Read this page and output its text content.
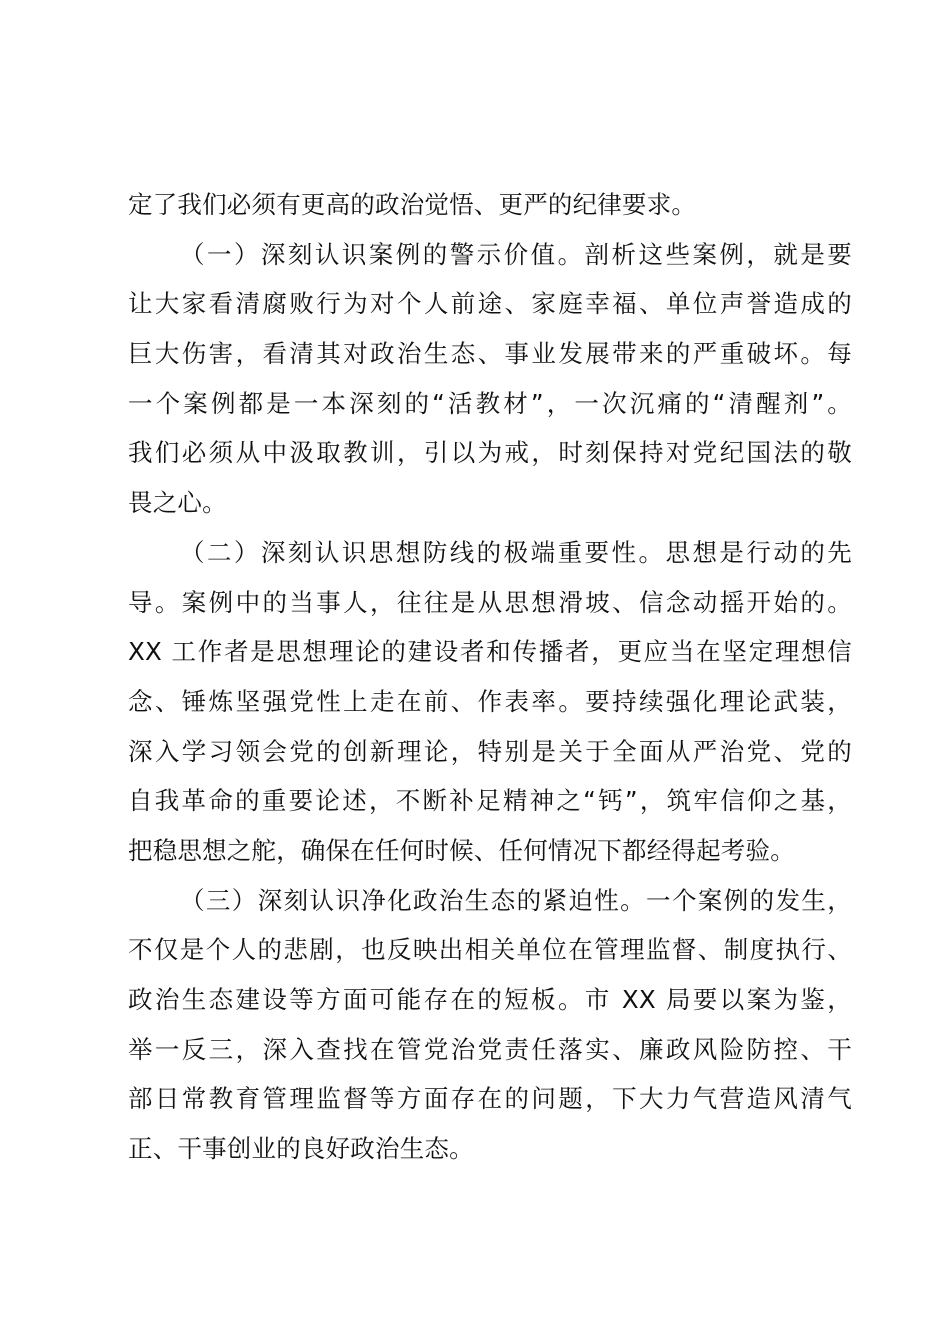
定了我们必须有更高的政治觉悟、更严的纪律要求。
（一）深刻认识案例的警示价值。剖析这些案例，就是要
让大家看清腐败行为对个人前途、家庭幸福、单位声誉造成的
巨大伤害，看清其对政治生态、事业发展带来的严重破坏。每
一个案例都是一本深刻的“活教材”，一次沉痛的“清醒剂”。
我们必须从中汲取教训，引以为戒，时刻保持对党纪国法的敬
畏之心。
（二）深刻认识思想防线的极端重要性。思想是行动的先
导。案例中的当事人，往往是从思想滑坡、信念动摇开始的。
XX 工作者是思想理论的建设者和传播者，更应当在坚定理想信
念、锤炼坚强党性上走在前、作表率。要持续强化理论武装，
深入学习领会党的创新理论，特别是关于全面从严治党、党的
自我革命的重要论述，不断补足精神之“钙”，筑牢信仰之基，
把稳思想之舵，确保在任何时候、任何情况下都经得起考验。
（三）深刻认识净化政治生态的紧迫性。一个案例的发生，
不仅是个人的悲剧，也反映出相关单位在管理监督、制度执行、
政治生态建设等方面可能存在的短板。市 XX 局要以案为鉴，
举一反三，深入查找在管党治党责任落实、廉政风险防控、干
部日常教育管理监督等方面存在的问题，下大力气营造风清气
正、干事创业的良好政治生态。
